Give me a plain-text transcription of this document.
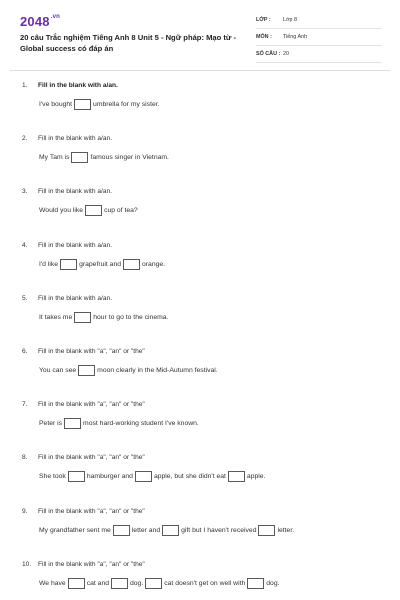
$2048^{.vn}$
20 câu Trắc nghiệm Tiếng Anh 8 Unit 5 - Ngữ pháp: Mạo từ - Global success có đáp án
LỚP : Lớp 8
MÔN : Tiếng Anh
SỐ CÂU : 20
1. Fill in the blank with a/an.
I've bought	umbrella for my sister.
2. Fill in the blank with a/an.
My Tam is	famous singer in Vietnam.
3. Fill in the blank with a/an.
Would you like	cup of tea?
4. Fill in the blank with a/an.
I'd like	grapefruit and	orange.
5. Fill in the blank with a/an.
It takes me	hour to go to the cinema.
6. Fill in the blank with "a", "an" or "the"
You can see	moon clearly in the Mid-Autumn festival.
7. Fill in the blank with "a", "an" or "the"
Peter is	most hard-working student I've known.
8. Fill in the blank with "a", "an" or "the"
She took	hamburger and	apple, but she didn't eat	apple.
9. Fill in the blank with "a", "an" or "the"
My grandfather sent me	letter and	gift but I haven't received	letter.
10. Fill in the blank with "a", "an" or "the"
We have	cat and	dog.	cat doesn't get on well with	dog.
